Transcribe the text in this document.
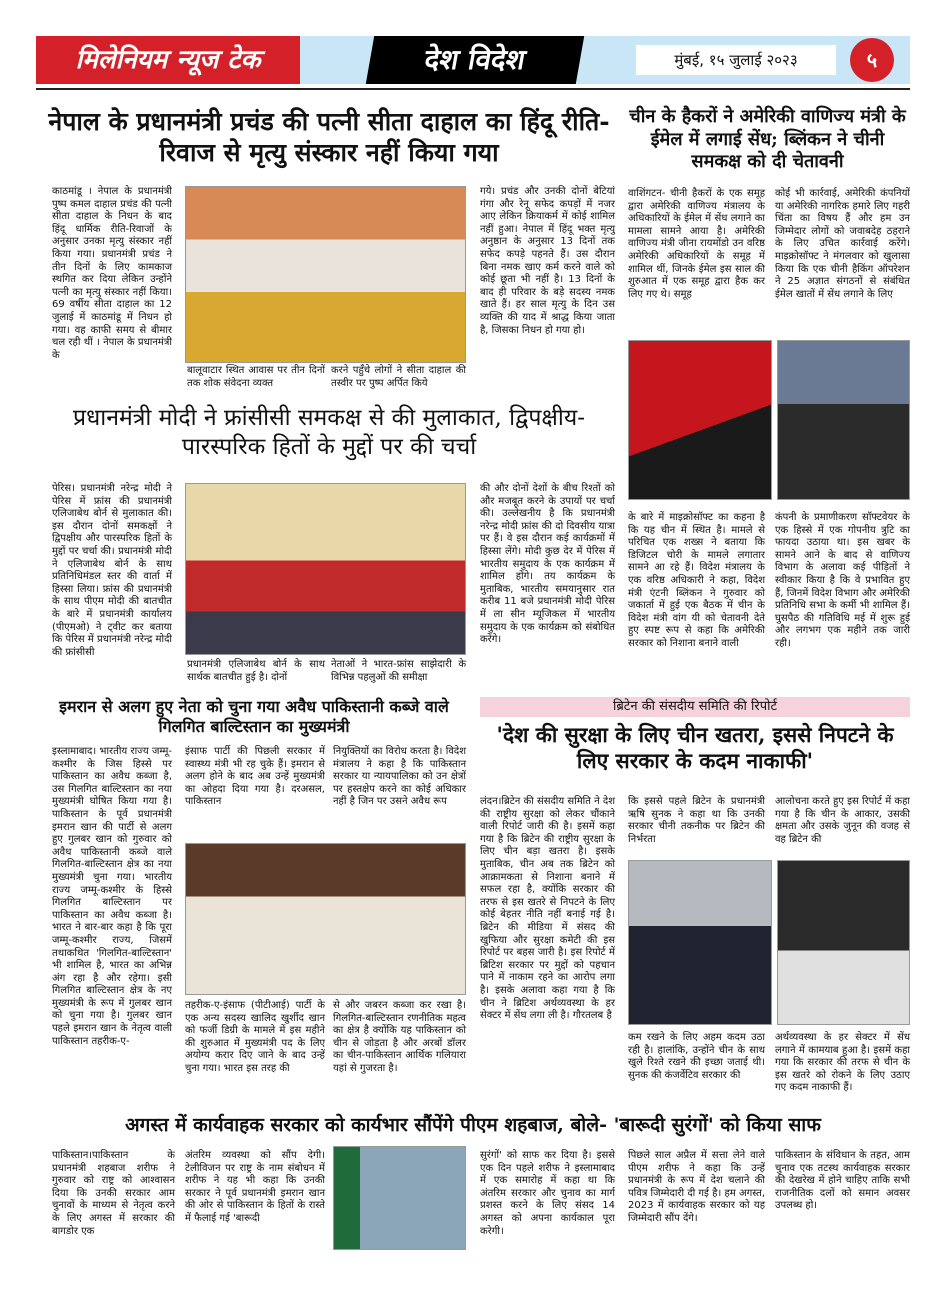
मिलेनियम न्यूज टेक	देश विदेश	मुंबई, १५ जुलाई २०२३	५
नेपाल के प्रधानमंत्री प्रचंड की पत्नी सीता दाहाल का हिंदू रीति-रिवाज से मृत्यु संस्कार नहीं किया गया
काठमांडू । नेपाल के प्रधानमंत्री पुष्प कमल दाहाल प्रचंड की पत्नी सीता दाहाल के निधन के बाद हिंदू धार्मिक रीति-रिवाजों के अनुसार उनका मृत्यु संस्कार नहीं किया गया। प्रधानमंत्री प्रचंड ने तीन दिनों के लिए कामकाज स्थगित कर दिया लेकिन उन्होंने पत्नी का मृत्यु संस्कार नहीं किया। 69 वर्षीय सीता दाहाल का 12 जुलाई में काठमांडू में निधन हो गया। वह काफी समय से बीमार चल रही थीं । नेपाल के प्रधानमंत्री के
बालूवाटार स्थित आवास पर तीन दिनों तक शोक संवेदना व्यक्त
करने पहुँचे लोगों ने सीता दाहाल की तस्वीर पर पुष्प अर्पित किये
गये। प्रचंड और उनकी दोनों बेटियां गंगा और रेनू सफेद कपड़ों में नजर आए लेकिन क्रियाकर्म में कोई शामिल नहीं हुआ। नेपाल में हिंदू भक्त मृत्यु अनुष्ठान के अनुसार 13 दिनों तक सफेद कपड़े पहनते हैं। उस दौरान बिना नमक खाए कर्म करने वाले को कोई छूता भी नहीं है। 13 दिनों के बाद ही परिवार के बड़े सदस्य नमक खाते हैं। हर साल मृत्यु के दिन उस व्यक्ति की याद में श्राद्ध किया जाता है, जिसका निधन हो गया हो।
चीन के हैकरों ने अमेरिकी वाणिज्य मंत्री के ईमेल में लगाई सेंध; ब्लिंकन ने चीनी समकक्ष को दी चेतावनी
वाशिंगटन- चीनी हैकरों के एक समूह द्वारा अमेरिकी वाणिज्य मंत्रालय के अधिकारियों के ईमेल में सेंध लगाने का मामला सामने आया है। अमेरिकी वाणिज्य मंत्री जीना रायमोंडो उन वरिष्ठ अमेरिकी अधिकारियों के समूह में शामिल थीं, जिनके ईमेल इस साल की शुरुआत में एक समूह द्वारा हैक कर लिए गए थे। समूह
कोई भी कार्रवाई, अमेरिकी कंपनियों या अमेरिकी नागरिक हमारे लिए गहरी चिंता का विषय हैं और हम उन जिम्मेदार लोगों को जवाबदेह ठहराने के लिए उचित कार्रवाई करेंगे। माइक्रोसॉफ्ट ने मंगलवार को खुलासा किया कि एक चीनी हैकिंग ऑपरेशन ने 25 अज्ञात संगठनों से संबंधित ईमेल खातों में सेंध लगाने के लिए
के बारे में माइक्रोसॉफ्ट का कहना है कि यह चीन में स्थित है। मामले से परिचित एक शख्स ने बताया कि डिजिटल चोरी के मामले लगातार सामने आ रहे हैं। विदेश मंत्रालय के एक वरिष्ठ अधिकारी ने कहा, विदेश मंत्री एंटनी ब्लिंकन ने गुरुवार को जकार्ता में हुई एक बैठक में चीन के विदेश मंत्री वांग यी को चेतावनी देते हुए स्पष्ट रूप से कहा कि अमेरिकी सरकार को निशाना बनाने वाली
कंपनी के प्रमाणीकरण सॉफ्टवेयर के एक हिस्से में एक गोपनीय त्रुटि का फायदा उठाया था। इस खबर के सामने आने के बाद से वाणिज्य विभाग के अलावा कई पीड़ितों ने स्वीकार किया है कि वे प्रभावित हुए हैं, जिनमें विदेश विभाग और अमेरिकी प्रतिनिधि सभा के कर्मी भी शामिल हैं। घुसपैठ की गतिविधि मई में शुरू हुई और लगभग एक महीने तक जारी रही।
प्रधानमंत्री मोदी ने फ्रांसीसी समकक्ष से की मुलाकात, द्विपक्षीय-पारस्परिक हितों के मुद्दों पर की चर्चा
पेरिस। प्रधानमंत्री नरेन्द्र मोदी ने पेरिस में फ्रांस की प्रधानमंत्री एलिजाबेथ बोर्न से मुलाकात की। इस दौरान दोनों समकक्षों ने द्विपक्षीय और पारस्परिक हितों के मुद्दों पर चर्चा की। प्रधानमंत्री मोदी ने एलिजाबेथ बोर्न के साथ प्रतिनिधिमंडल स्तर की वार्ता में हिस्सा लिया। फ्रांस की प्रधानमंत्री के साथ पीएम मोदी की बातचीत के बारे में प्रधानमंत्री कार्यालय (पीएमओ) ने ट्वीट कर बताया कि पेरिस में प्रधानमंत्री नरेन्द्र मोदी की फ्रांसीसी
प्रधानमंत्री एलिजाबेथ बोर्न के साथ सार्थक बातचीत हुई है। दोनों
नेताओं ने भारत-फ्रांस साझेदारी के विभिन्न पहलुओं की समीक्षा
की और दोनों देशों के बीच रिश्तों को और मजबूत करने के उपायों पर चर्चा की। उल्लेखनीय है कि प्रधानमंत्री नरेन्द्र मोदी फ्रांस की दो दिवसीय यात्रा पर हैं। वे इस दौरान कई कार्यक्रमों में हिस्सा लेंगे। मोदी कुछ देर में पेरिस में भारतीय समुदाय के एक कार्यक्रम में शामिल होंगे। तय कार्यक्रम के मुताबिक, भारतीय समयानुसार रात करीब 11 बजे प्रधानमंत्री मोदी पेरिस में ला सीन म्यूजिकल में भारतीय समुदाय के एक कार्यक्रम को संबोधित करेंगे।
इमरान से अलग हुए नेता को चुना गया अवैध पाकिस्तानी कब्जे वाले गिलगित बाल्टिस्तान का मुख्यमंत्री
इस्लामाबाद। भारतीय राज्य जम्मू-कश्मीर के जिस हिस्से पर पाकिस्तान का अवैध कब्जा है, उस गिलगित बाल्टिस्तान का नया मुख्यमंत्री घोषित किया गया है। पाकिस्तान के पूर्व प्रधानमंत्री इमरान खान की पार्टी से अलग हुए गुलबर खान को गुरुवार को अवैध पाकिस्तानी कब्जे वाले गिलगित-बाल्टिस्तान क्षेत्र का नया मुख्यमंत्री चुना गया। भारतीय राज्य जम्मू-कश्मीर के हिस्से गिलगित बाल्टिस्तान पर पाकिस्तान का अवैध कब्जा है। भारत ने बार-बार कहा है कि पूरा जम्मू-कश्मीर राज्य, जिसमें तथाकथित 'गिलगित-बाल्टिस्तान' भी शामिल है, भारत का अभिन्न अंग रहा है और रहेगा। इसी गिलगित बाल्टिस्तान क्षेत्र के नए मुख्यमंत्री के रूप में गुलबर खान को चुना गया है। गुलबर खान पहले इमरान खान के नेतृत्व वाली पाकिस्तान तहरीक-ए-
इंसाफ पार्टी की पिछली सरकार में स्वास्थ्य मंत्री भी रह चुके हैं। इमरान से अलग होने के बाद अब उन्हें मुख्यमंत्री का ओहदा दिया गया है। दरअसल, पाकिस्तान
नियुक्तियों का विरोध करता है। विदेश मंत्रालय ने कहा है कि पाकिस्तान सरकार या न्यायपालिका को उन क्षेत्रों पर हस्तक्षेप करने का कोई अधिकार नहीं है जिन पर उसने अवैध रूप
तहरीक-ए-इंसाफ (पीटीआई) पार्टी के एक अन्य सदस्य खालिद खुर्शीद खान को फर्जी डिग्री के मामले में इस महीने की शुरुआत में मुख्यमंत्री पद के लिए अयोग्य करार दिए जाने के बाद उन्हें चुना गया। भारत इस तरह की
से और जबरन कब्जा कर रखा है। गिलगित-बाल्टिस्तान रणनीतिक महत्व का क्षेत्र है क्योंकि यह पाकिस्तान को चीन से जोड़ता है और अरबों डॉलर का चीन-पाकिस्तान आर्थिक गलियारा यहां से गुजरता है।
ब्रिटेन की संसदीय समिति की रिपोर्ट
'देश की सुरक्षा के लिए चीन खतरा, इससे निपटने के लिए सरकार के कदम नाकाफी'
लंदन।ब्रिटेन की संसदीय समिति ने देश की राष्ट्रीय सुरक्षा को लेकर चौंकाने वाली रिपोर्ट जारी की है। इसमें कहा गया है कि ब्रिटेन की राष्ट्रीय सुरक्षा के लिए चीन बड़ा खतरा है। इसके मुताबिक, चीन अब तक ब्रिटेन को आक्रामकता से निशाना बनाने में सफल रहा है, क्योंकि सरकार की तरफ से इस खतरे से निपटने के लिए कोई बेहतर नीति नहीं बनाई गई है। ब्रिटेन की मीडिया में संसद की खुफिया और सुरक्षा कमेटी की इस रिपोर्ट पर बहस जारी है। इस रिपोर्ट में ब्रिटिश सरकार पर मुद्दों को पहचान पाने में नाकाम रहने का आरोप लगा है। इसके अलावा कहा गया है कि चीन ने ब्रिटिश अर्थव्यवस्था के हर सेक्टर में सेंध लगा ली है। गौरतलब है
कि इससे पहले ब्रिटेन के प्रधानमंत्री ऋषि सुनक ने कहा था कि उनकी सरकार चीनी तकनीक पर ब्रिटेन की निर्भरता
आलोचना करते हुए इस रिपोर्ट में कहा गया है कि चीन के आकार, उसकी क्षमता और उसके जुनून की वजह से वह ब्रिटेन की
कम रखने के लिए अहम कदम उठा रही है। हालांकि, उन्होंने चीन के साथ खुले रिश्ते रखने की इच्छा जताई थी। सुनक की कंजर्वेटिव सरकार की
अर्थव्यवस्था के हर सेक्टर में सेंध लगाने में कामयाब हुआ है। इसमें कहा गया कि सरकार की तरफ से चीन के इस खतरे को रोकने के लिए उठाए गए कदम नाकाफी हैं।
अगस्त में कार्यवाहक सरकार को कार्यभार सौंपेंगे पीएम शहबाज, बोले- 'बारूदी सुरंगों' को किया साफ
पाकिस्तान।पाकिस्तान के प्रधानमंत्री शहबाज शरीफ ने गुरुवार को राष्ट्र को आश्वासन दिया कि उनकी सरकार आम चुनावों के माध्यम से नेतृत्व करने के लिए अगस्त में सरकार की बागडोर एक
अंतरिम व्यवस्था को सौंप देगी। टेलीविजन पर राष्ट्र के नाम संबोधन में शरीफ ने यह भी कहा कि उनकी सरकार ने पूर्व प्रधानमंत्री इमरान खान की ओर से पाकिस्तान के हितों के रास्ते में फैलाई गई 'बारूदी
सुरंगों' को साफ कर दिया है। इससे एक दिन पहले शरीफ ने इस्लामाबाद में एक समारोह में कहा था कि अंतरिम सरकार और चुनाव का मार्ग प्रशस्त करने के लिए संसद 14 अगस्त को अपना कार्यकाल पूरा करेगी।
पिछले साल अप्रैल में सत्ता लेने वाले पीएम शरीफ ने कहा कि उन्हें प्रधानमंत्री के रूप में देश चलाने की पवित्र जिम्मेदारी दी गई है। हम अगस्त, 2023 में कार्यवाहक सरकार को यह जिम्मेदारी सौंप देंगे।
पाकिस्तान के संविधान के तहत, आम चुनाव एक तटस्थ कार्यवाहक सरकार की देखरेख में होने चाहिए ताकि सभी राजनीतिक दलों को समान अवसर उपलब्ध हो।
